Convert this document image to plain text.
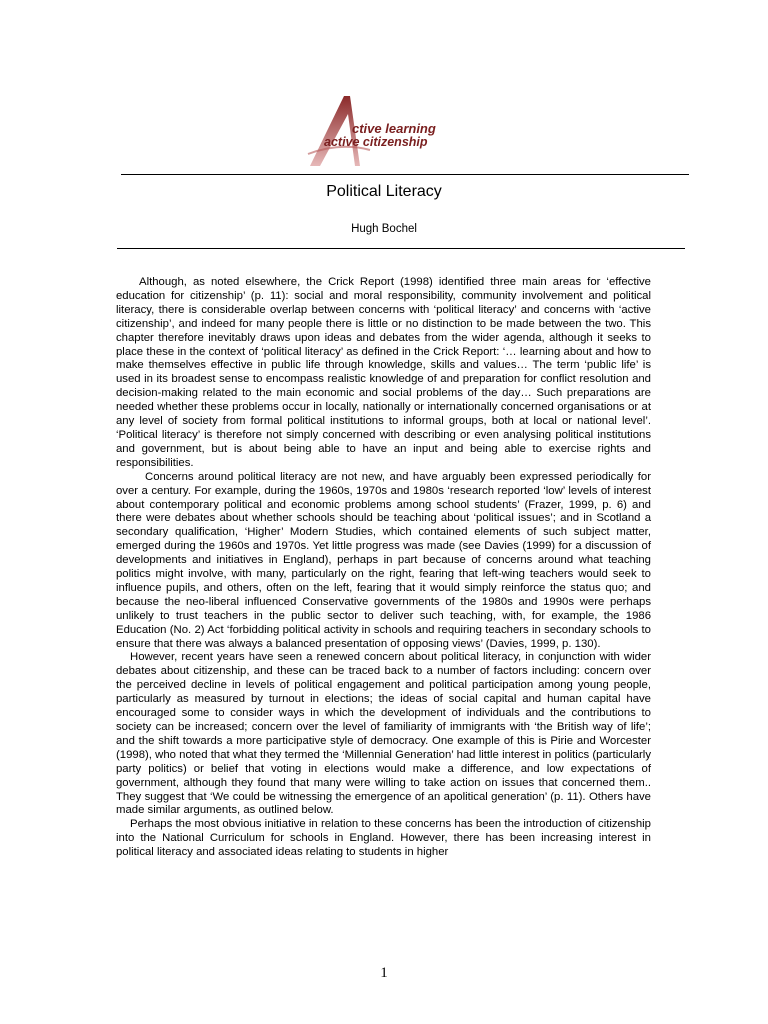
ctive learning
active citizenship
Political Literacy
Hugh Bochel

Although, as noted elsewhere, the Crick Report (1998) identified three main areas for ‘effective education for citizenship’ (p. 11): social and moral responsibility, community involvement and political literacy, there is considerable overlap between concerns with ‘political literacy’ and concerns with ‘active citizenship’, and indeed for many people there is little or no distinction to be made between the two. This chapter therefore inevitably draws upon ideas and debates from the wider agenda, although it seeks to place these in the context of ‘political literacy’ as defined in the Crick Report: ‘… learning about and how to make themselves effective in public life through knowledge, skills and values… The term ‘public life’ is used in its broadest sense to encompass realistic knowledge of and preparation for conflict resolution and decision-making related to the main economic and social problems of the day… Such preparations are needed whether these problems occur in locally, nationally or internationally concerned organisations or at any level of society from formal political institutions to informal groups, both at local or national level’. ‘Political literacy’ is therefore not simply concerned with describing or even analysing political institutions and government, but is about being able to have an input and being able to exercise rights and responsibilities.

Concerns around political literacy are not new, and have arguably been expressed periodically for over a century. For example, during the 1960s, 1970s and 1980s ‘research reported ‘low’ levels of interest about contemporary political and economic problems among school students’ (Frazer, 1999, p. 6) and there were debates about whether schools should be teaching about ‘political issues’; and in Scotland a secondary qualification, ‘Higher’ Modern Studies, which contained elements of such subject matter, emerged during the 1960s and 1970s. Yet little progress was made (see Davies (1999) for a discussion of developments and initiatives in England), perhaps in part because of concerns around what teaching politics might involve, with many, particularly on the right, fearing that left-wing teachers would seek to influence pupils, and others, often on the left, fearing that it would simply reinforce the status quo; and because the neo-liberal influenced Conservative governments of the 1980s and 1990s were perhaps unlikely to trust teachers in the public sector to deliver such teaching, with, for example, the 1986 Education (No. 2) Act ‘forbidding political activity in schools and requiring teachers in secondary schools to ensure that there was always a balanced presentation of opposing views’ (Davies, 1999, p. 130).

However, recent years have seen a renewed concern about political literacy, in conjunction with wider debates about citizenship, and these can be traced back to a number of factors including: concern over the perceived decline in levels of political engagement and political participation among young people, particularly as measured by turnout in elections; the ideas of social capital and human capital have encouraged some to consider ways in which the development of individuals and the contributions to society can be increased; concern over the level of familiarity of immigrants with ‘the British way of life’; and the shift towards a more participative style of democracy. One example of this is Pirie and Worcester (1998), who noted that what they termed the ‘Millennial Generation’ had little interest in politics (particularly party politics) or belief that voting in elections would make a difference, and low expectations of government, although they found that many were willing to take action on issues that concerned them.. They suggest that ‘We could be witnessing the emergence of an apolitical generation’ (p. 11). Others have made similar arguments, as outlined below.

Perhaps the most obvious initiative in relation to these concerns has been the introduction of citizenship into the National Curriculum for schools in England. However, there has been increasing interest in political literacy and associated ideas relating to students in higher

1
